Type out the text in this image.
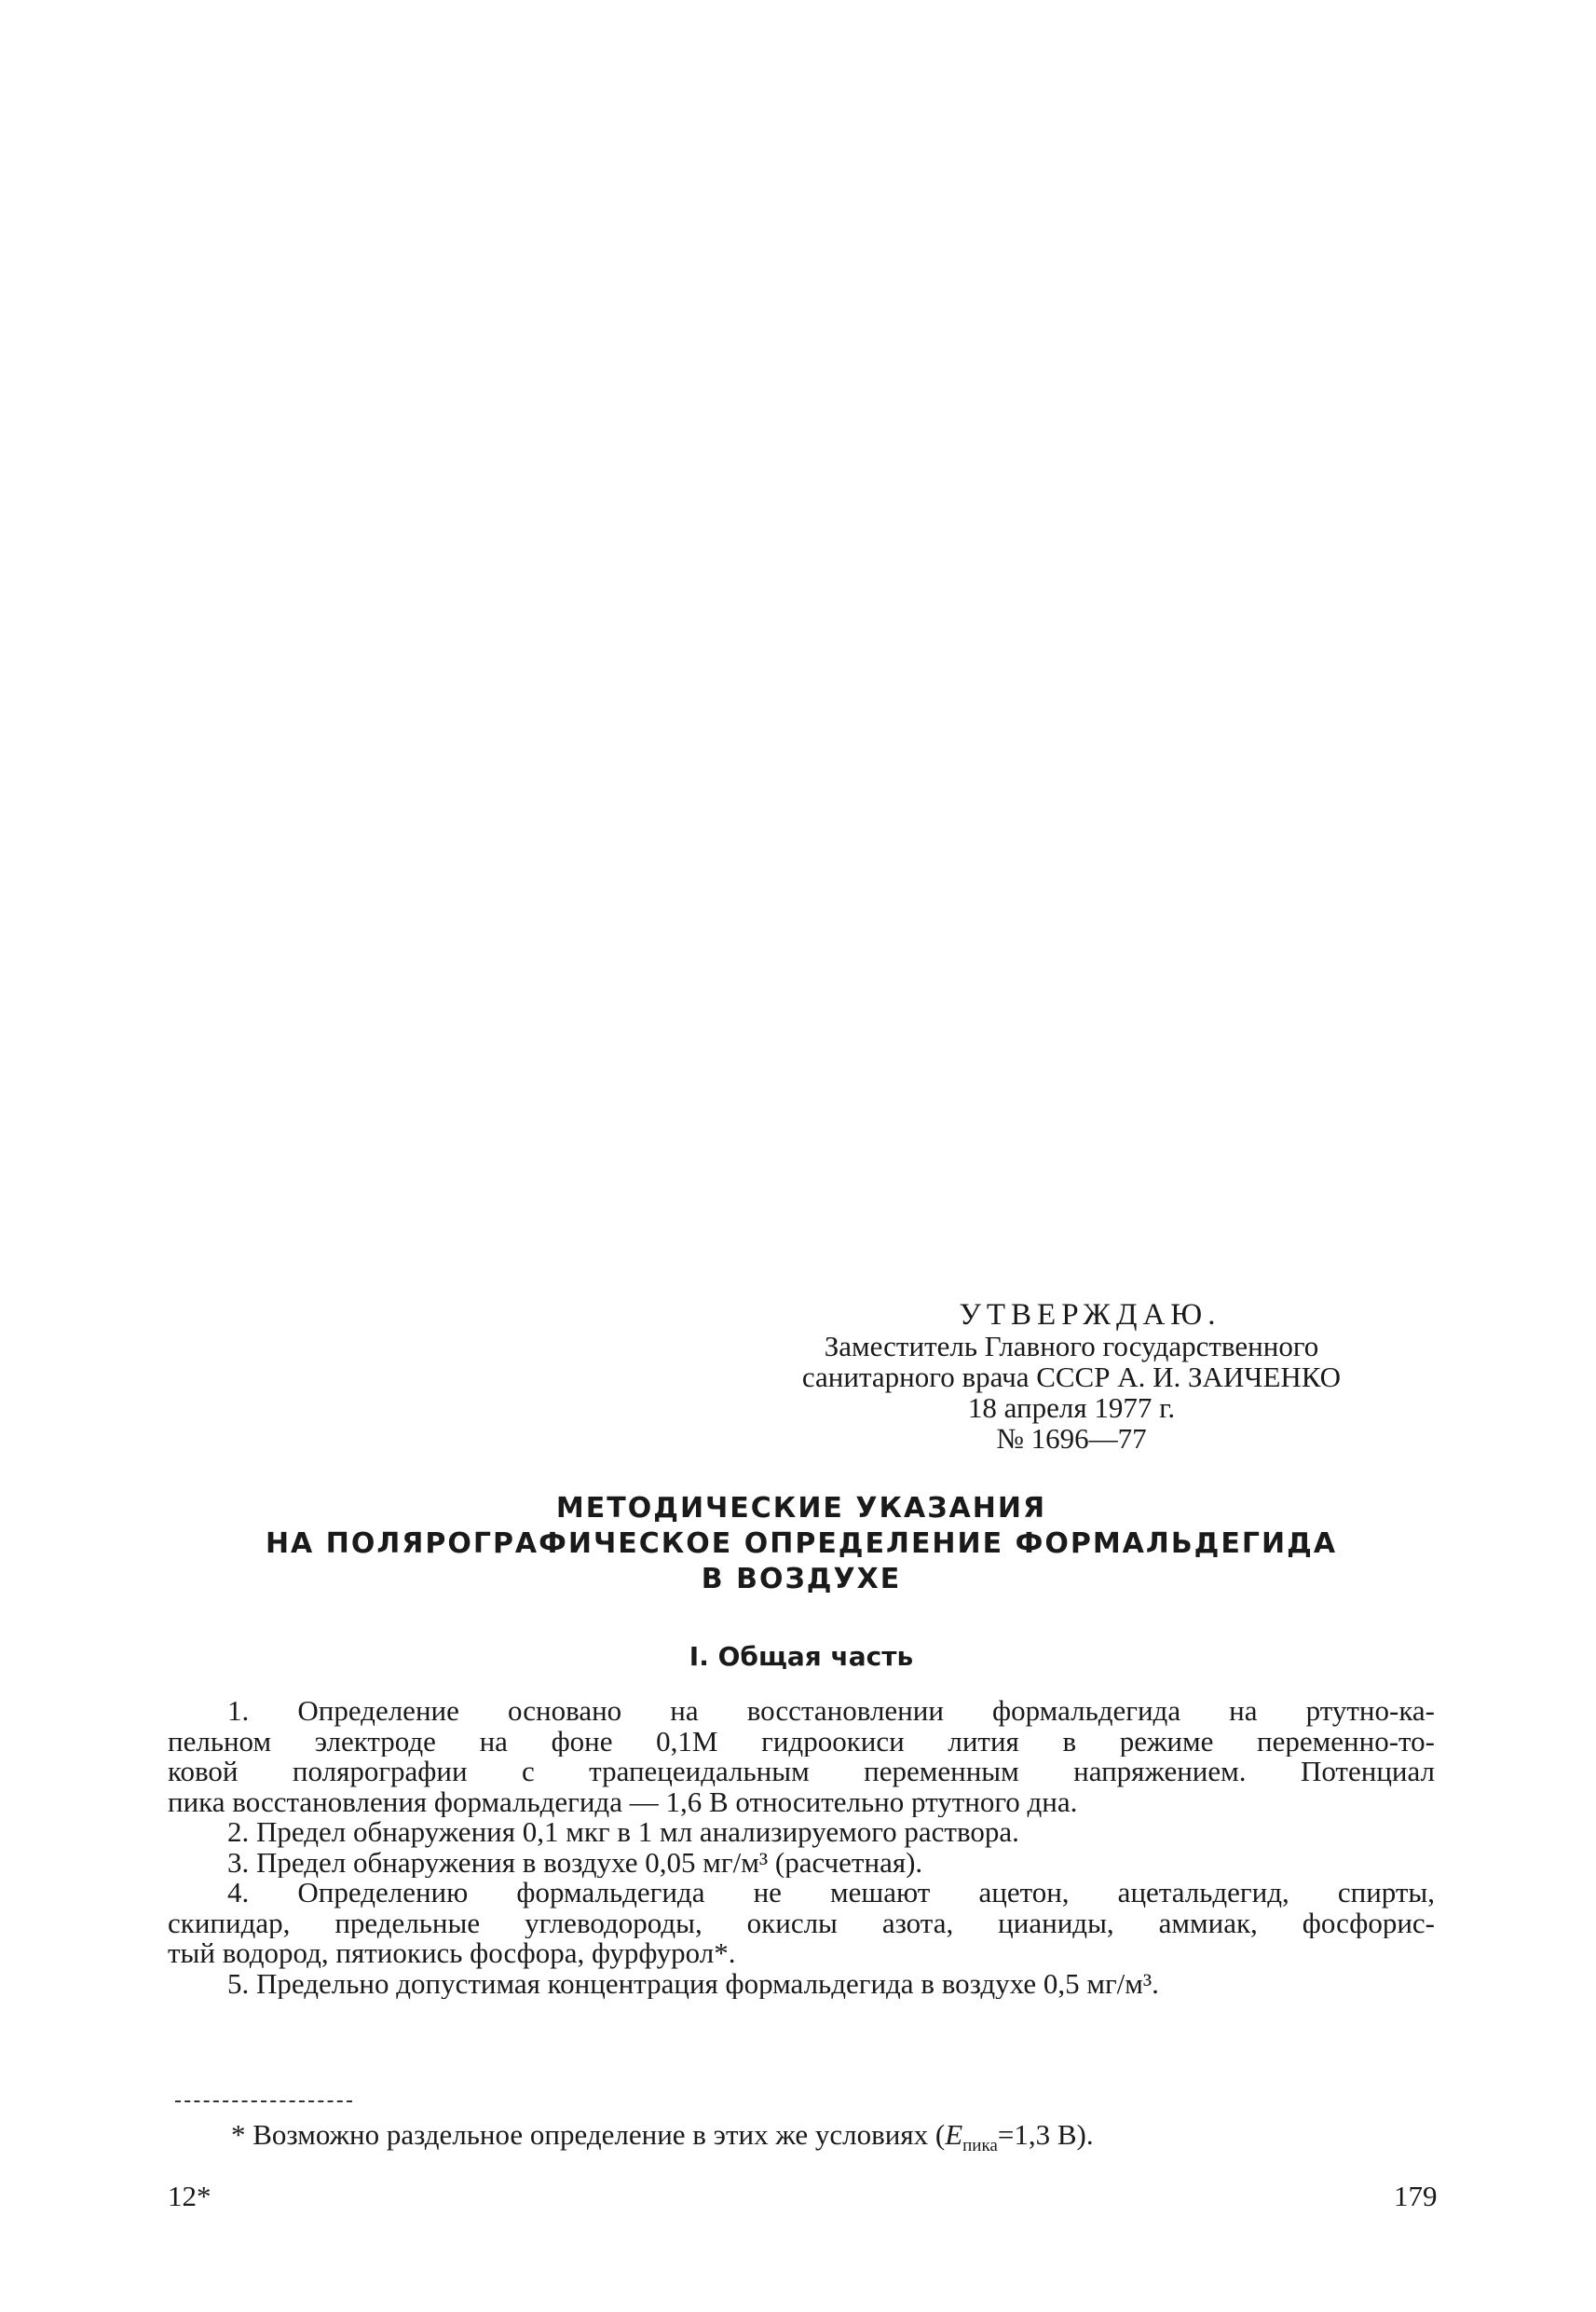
УТВЕРЖДАЮ.
Заместитель Главного государственного
санитарного врача СССР А. И. ЗАИЧЕНКО
18 апреля 1977 г.
№ 1696—77
МЕТОДИЧЕСКИЕ УКАЗАНИЯ
НА ПОЛЯРОГРАФИЧЕСКОЕ ОПРЕДЕЛЕНИЕ ФОРМАЛЬДЕГИДА
В ВОЗДУХЕ
I. Общая часть
1. Определение основано на восстановлении формальдегида на ртутно-ка-
пельном электроде на фоне 0,1М гидроокиси лития в режиме переменно-то-
ковой полярографии с трапецеидальным переменным напряжением. Потенциал
пика восстановления формальдегида — 1,6 В относительно ртутного дна.
2. Предел обнаружения 0,1 мкг в 1 мл анализируемого раствора.
3. Предел обнаружения в воздухе 0,05 мг/м³ (расчетная).
4. Определению формальдегида не мешают ацетон, ацетальдегид, спирты,
скипидар, предельные углеводороды, окислы азота, цианиды, аммиак, фосфорис-
тый водород, пятиокись фосфора, фурфурол*.
5. Предельно допустимая концентрация формальдегида в воздухе 0,5 мг/м³.
* Возможно раздельное определение в этих же условиях ($E_{пика}=1,3$ В).
12*	179
